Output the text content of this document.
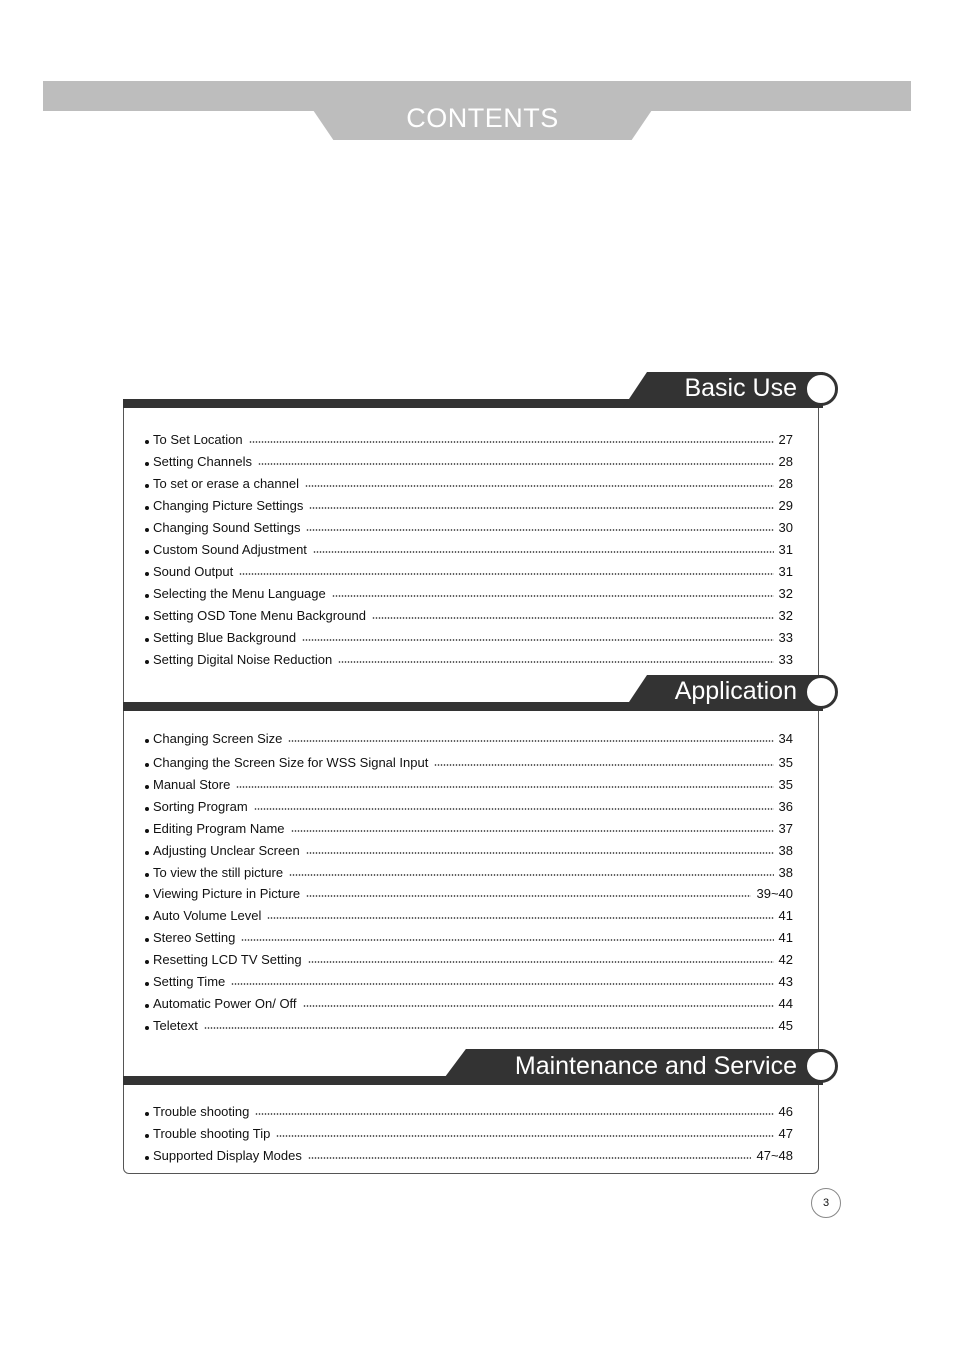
CONTENTS
Basic Use
Application
Maintenance and Service
To Set Location	27
Setting Channels	28
To set or erase a channel	28
Changing Picture Settings	29
Changing Sound Settings	30
Custom Sound Adjustment	31
Sound Output	31
Selecting the Menu Language	32
Setting OSD Tone Menu Background	32
Setting Blue Background	33
Setting Digital Noise Reduction	33
Changing Screen Size	34
Changing the Screen Size for WSS Signal Input	35
Manual Store	35
Sorting Program	36
Editing Program Name	37
Adjusting Unclear Screen	38
To view the still picture	38
Viewing Picture in Picture	39~40
Auto Volume Level	41
Stereo Setting	41
Resetting LCD TV Setting	42
Setting Time	43
Automatic Power On/ Off	44
Teletext	45
Trouble shooting	46
Trouble shooting Tip	47
Supported Display Modes	47~48
3
